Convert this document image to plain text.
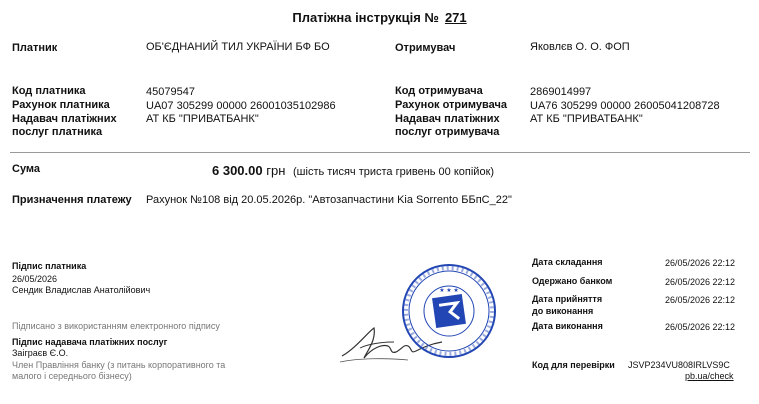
Платіжна інструкція № 271
Платник	ОБ'ЄДНАНИЙ ТИЛ УКРАЇНИ БФ БО
Код платника	45079547
Рахунок платника	UA07 305299 00000 26001035102986
Надавач платіжних
послуг платника
АТ КБ "ПРИВАТБАНК"
Отримувач	Яковлєв О. О. ФОП
Код отримувача	2869014997
Рахунок отримувача UA76 305299 00000 26005041208728
Надавач платіжних
послуг отримувача
АТ КБ "ПРИВАТБАНК"
Сума	6 300.00 грн (шість тисяч триста гривень 00 копійок)
Призначення платежу Рахунок №108 від 20.05.2026р. "Автозапчастини Kia Sorrento ББпС_22"
Підпис платника
26/05/2026
Сендик Владислав Анатолійович
Підписано з використанням електронного підпису
Підпис надавача платіжних послуг
Заіграєв Є.О.
Член Правління банку (з питань корпоративного та
малого і середнього бізнесу)
★ ★ ★
Дата складання	26/05/2026 22:12
Одержано банком	26/05/2026 22:12
Дата прийняття
до виконання
26/05/2026 22:12
Дата виконання	26/05/2026 22:12
Код для перевірки JSVP234VU808IRLVS9C
pb.ua/check
